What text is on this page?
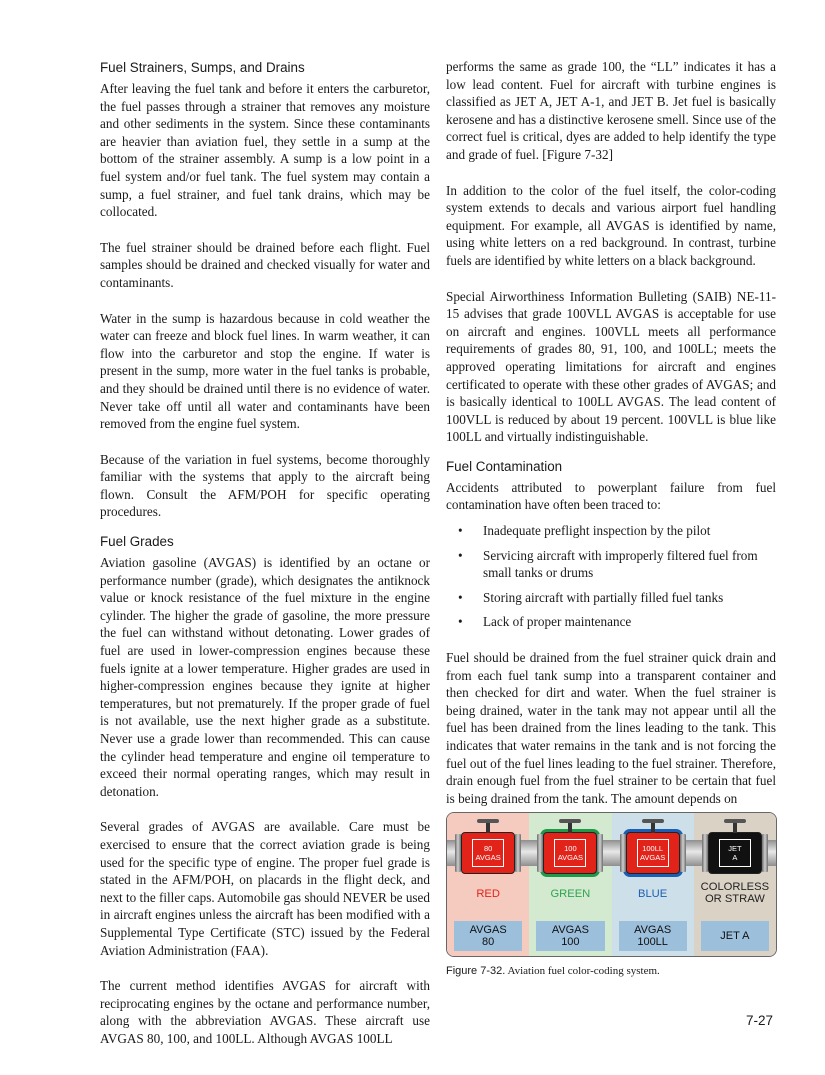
Fuel Strainers, Sumps, and Drains

After leaving the fuel tank and before it enters the carburetor, the fuel passes through a strainer that removes any moisture and other sediments in the system. Since these contaminants are heavier than aviation fuel, they settle in a sump at the bottom of the strainer assembly. A sump is a low point in a fuel system and/or fuel tank. The fuel system may contain a sump, a fuel strainer, and fuel tank drains, which may be collocated.

The fuel strainer should be drained before each flight. Fuel samples should be drained and checked visually for water and contaminants.

Water in the sump is hazardous because in cold weather the water can freeze and block fuel lines. In warm weather, it can flow into the carburetor and stop the engine. If water is present in the sump, more water in the fuel tanks is probable, and they should be drained until there is no evidence of water. Never take off until all water and contaminants have been removed from the engine fuel system.

Because of the variation in fuel systems, become thoroughly familiar with the systems that apply to the aircraft being flown. Consult the AFM/POH for specific operating procedures.

Fuel Grades

Aviation gasoline (AVGAS) is identified by an octane or performance number (grade), which designates the antiknock value or knock resistance of the fuel mixture in the engine cylinder. The higher the grade of gasoline, the more pressure the fuel can withstand without detonating. Lower grades of fuel are used in lower-compression engines because these fuels ignite at a lower temperature. Higher grades are used in higher-compression engines because they ignite at higher temperatures, but not prematurely. If the proper grade of fuel is not available, use the next higher grade as a substitute. Never use a grade lower than recommended. This can cause the cylinder head temperature and engine oil temperature to exceed their normal operating ranges, which may result in detonation.

Several grades of AVGAS are available. Care must be exercised to ensure that the correct aviation grade is being used for the specific type of engine. The proper fuel grade is stated in the AFM/POH, on placards in the flight deck, and next to the filler caps. Automobile gas should NEVER be used in aircraft engines unless the aircraft has been modified with a Supplemental Type Certificate (STC) issued by the Federal Aviation Administration (FAA).

The current method identifies AVGAS for aircraft with reciprocating engines by the octane and performance number, along with the abbreviation AVGAS. These aircraft use AVGAS 80, 100, and 100LL. Although AVGAS 100LL

performs the same as grade 100, the “LL” indicates it has a low lead content. Fuel for aircraft with turbine engines is classified as JET A, JET A-1, and JET B. Jet fuel is basically kerosene and has a distinctive kerosene smell. Since use of the correct fuel is critical, dyes are added to help identify the type and grade of fuel. [Figure 7-32]

In addition to the color of the fuel itself, the color-coding system extends to decals and various airport fuel handling equipment. For example, all AVGAS is identified by name, using white letters on a red background. In contrast, turbine fuels are identified by white letters on a black background.

Special Airworthiness Information Bulleting (SAIB) NE-11-15 advises that grade 100VLL AVGAS is acceptable for use on aircraft and engines. 100VLL meets all performance requirements of grades 80, 91, 100, and 100LL; meets the approved operating limitations for aircraft and engines certificated to operate with these other grades of AVGAS; and is basically identical to 100LL AVGAS. The lead content of 100VLL is reduced by about 19 percent. 100VLL is blue like 100LL and virtually indistinguishable.

Fuel Contamination

Accidents attributed to powerplant failure from fuel contamination have often been traced to:

• Inadequate preflight inspection by the pilot
• Servicing aircraft with improperly filtered fuel from small tanks or drums
• Storing aircraft with partially filled fuel tanks
• Lack of proper maintenance

Fuel should be drained from the fuel strainer quick drain and from each fuel tank sump into a transparent container and then checked for dirt and water. When the fuel strainer is being drained, water in the tank may not appear until all the fuel has been drained from the lines leading to the tank. This indicates that water remains in the tank and is not forcing the fuel out of the fuel lines leading to the fuel strainer. Therefore, drain enough fuel from the fuel strainer to be certain that fuel is being drained from the tank. The amount depends on

80
AVGAS
RED
AVGAS
80
100
AVGAS
GREEN
AVGAS
100
100LL
AVGAS
BLUE
AVGAS
100LL
JET
A
COLORLESS
OR STRAW
JET A
Figure 7-32. Aviation fuel color-coding system.
7-27
